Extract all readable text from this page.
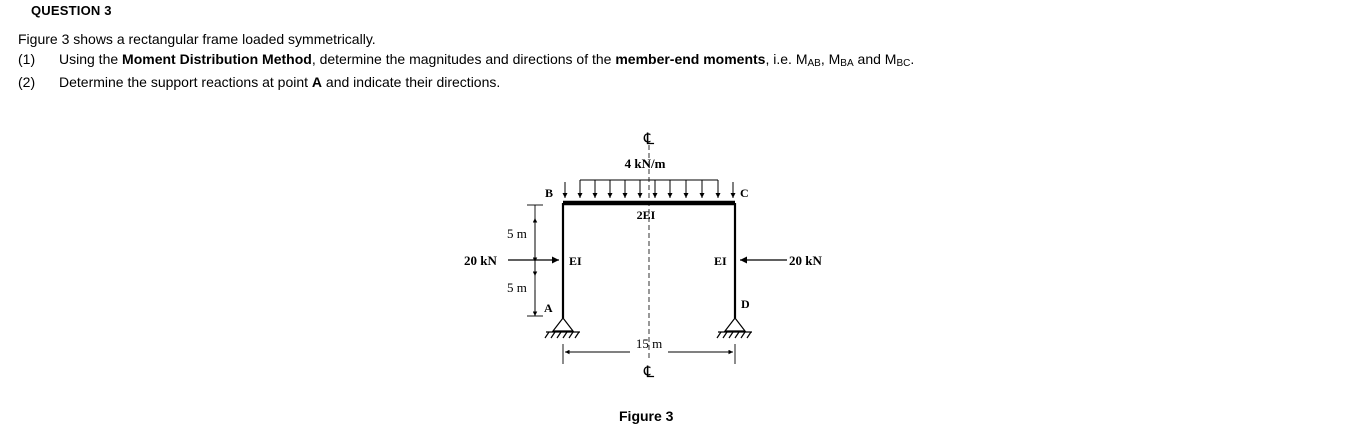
QUESTION 3
Figure 3 shows a rectangular frame loaded symmetrically.
(1) Using the Moment Distribution Method, determine the magnitudes and directions of the member-end moments, i.e. $M_{AB}$, $M_{BA}$ and $M_{BC}$.
(2) Determine the support reactions at point A and indicate their directions.
℄
4 kN/m
2EI
B	C
A	D
EI	EI
20 kN	20 kN
5 m
5 m
15 m
℄
Figure 3
